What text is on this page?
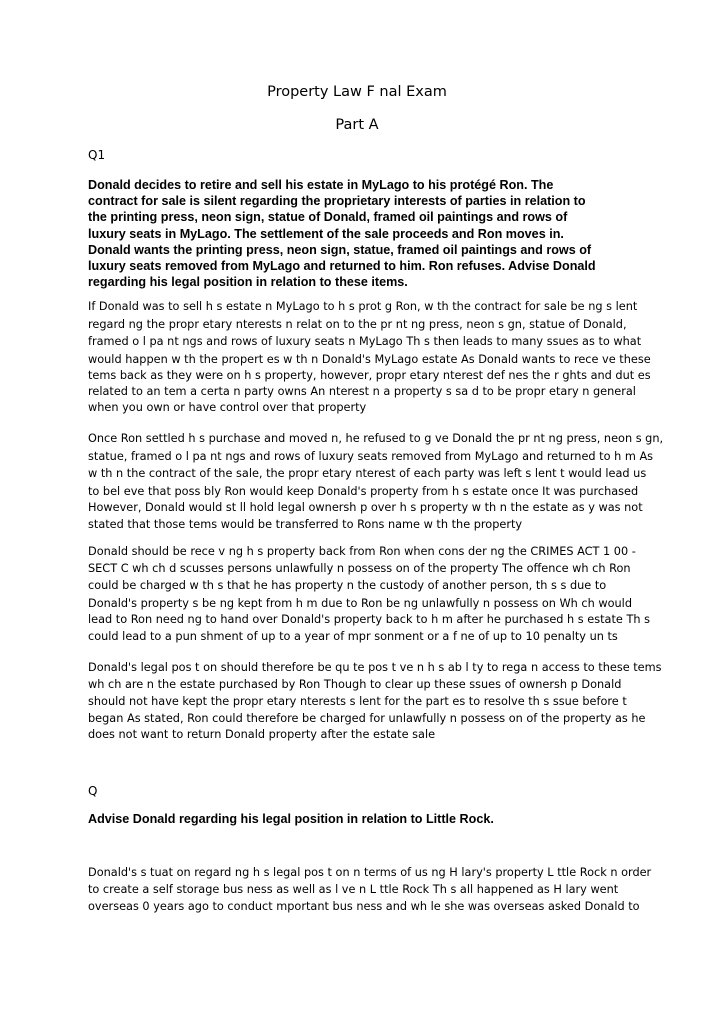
Property Law F nal Exam
Part A
Q1
Donald decides to retire and sell his estate in MyLago to his protégé Ron. The
contract for sale is silent regarding the proprietary interests of parties in relation to
the printing press, neon sign, statue of Donald, framed oil paintings and rows of
luxury seats in MyLago. The settlement of the sale proceeds and Ron moves in.
Donald wants the printing press, neon sign, statue, framed oil paintings and rows of
luxury seats removed from MyLago and returned to him. Ron refuses. Advise Donald
regarding his legal position in relation to these items.
If Donald was to sell h s estate n MyLago to h s prot g Ron, w th the contract for sale be ng s lent
regard ng the propr etary nterests n relat on to the pr nt ng press, neon s gn, statue of Donald,
framed o l pa nt ngs and rows of luxury seats n MyLago Th s then leads to many ssues as to what
would happen w th the propert es w th n Donald's MyLago estate As Donald wants to rece ve these
tems back as they were on h s property, however, propr etary nterest def nes the r ghts and dut es
related to an tem a certa n party owns An nterest n a property s sa d to be propr etary n general
when you own or have control over that property
Once Ron settled h s purchase and moved n, he refused to g ve Donald the pr nt ng press, neon s gn,
statue, framed o l pa nt ngs and rows of luxury seats removed from MyLago and returned to h m As
w th n the contract of the sale, the propr etary nterest of each party was left s lent t would lead us
to bel eve that poss bly Ron would keep Donald's property from h s estate once It was purchased
However, Donald would st ll hold legal ownersh p over h s property w th n the estate as y was not
stated that those tems would be transferred to Rons name w th the property
Donald should be rece v ng h s property back from Ron when cons der ng the CRIMES ACT 1 00 -
SECT C wh ch d scusses persons unlawfully n possess on of the property The offence wh ch Ron
could be charged w th s that he has property n the custody of another person, th s s due to
Donald's property s be ng kept from h m due to Ron be ng unlawfully n possess on Wh ch would
lead to Ron need ng to hand over Donald's property back to h m after he purchased h s estate Th s
could lead to a pun shment of up to a year of mpr sonment or a f ne of up to 10 penalty un ts
Donald's legal pos t on should therefore be qu te pos t ve n h s ab l ty to rega n access to these tems
wh ch are n the estate purchased by Ron Though to clear up these ssues of ownersh p Donald
should not have kept the propr etary nterests s lent for the part es to resolve th s ssue before t
began As stated, Ron could therefore be charged for unlawfully n possess on of the property as he
does not want to return Donald property after the estate sale
Q
Advise Donald regarding his legal position in relation to Little Rock.
Donald's s tuat on regard ng h s legal pos t on n terms of us ng H lary's property L ttle Rock n order
to create a self storage bus ness as well as l ve n L ttle Rock Th s all happened as H lary went
overseas 0 years ago to conduct mportant bus ness and wh le she was overseas asked Donald to
